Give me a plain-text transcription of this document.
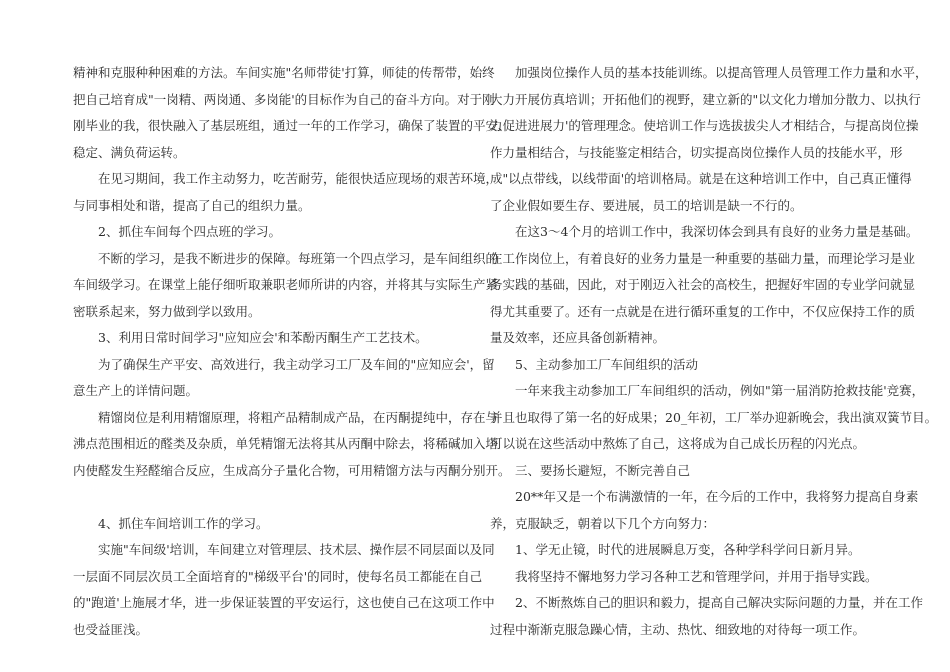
精神和克服种种困难的方法。车间实施"名师带徒'打算，师徒的传帮带，始终
把自己培育成"一岗精、两岗通、多岗能'的目标作为自己的奋斗方向。对于刚
刚毕业的我，很快融入了基层班组，通过一年的工作学习，确保了装置的平安、
稳定、满负荷运转。
　　在见习期间，我工作主动努力，吃苦耐劳，能很快适应现场的艰苦环境，
与同事相处和谐，提高了自己的组织力量。
　　2、抓住车间每个四点班的学习。
　　不断的学习，是我不断进步的保障。每班第一个四点学习，是车间组织的
车间级学习。在课堂上能仔细听取兼职老师所讲的内容，并将其与实际生产紧
密联系起来，努力做到学以致用。
　　3、利用日常时间学习"应知应会'和苯酚丙酮生产工艺技术。
　　为了确保生产平安、高效进行，我主动学习工厂及车间的"应知应会'，留
意生产上的详情问题。
　　精馏岗位是利用精馏原理，将粗产品精制成产品，在丙酮提纯中，存在与
沸点范围相近的醛类及杂质，单凭精馏无法将其从丙酮中除去，将稀碱加入塔
内使醛发生羟醛缩合反应，生成高分子量化合物，可用精馏方法与丙酮分别开。
　　4、抓住车间培训工作的学习。
　　实施"车间级'培训，车间建立对管理层、技术层、操作层不同层面以及同
一层面不同层次员工全面培育的"梯级平台'的同时，使每名员工都能在自己
的"跑道'上施展才华，进一步保证装置的平安运行，这也使自己在这项工作中
也受益匪浅。
　　加强岗位操作人员的基本技能训练。以提高管理人员管理工作力量和水平，
大力开展仿真培训；开拓他们的视野，建立新的"以文化力增加分散力、以执行
力促进进展力'的管理理念。使培训工作与选拔拔尖人才相结合，与提高岗位操
作力量相结合，与技能鉴定相结合，切实提高岗位操作人员的技能水平，形
成"以点带线，以线带面'的培训格局。就是在这种培训工作中，自己真正懂得
了企业假如要生存、要进展，员工的培训是缺一不行的。
　　在这3～4个月的培训工作中，我深切体会到具有良好的业务力量是基础。
在工作岗位上，有着良好的业务力量是一种重要的基础力量，而理论学习是业
务实践的基础，因此，对于刚迈入社会的高校生，把握好牢固的专业学问就显
得尤其重要了。还有一点就是在进行循环重复的工作中，不仅应保持工作的质
量及效率，还应具备创新精神。
　　5、主动参加工厂车间组织的活动
　　一年来我主动参加工厂车间组织的活动，例如"第一届消防抢救技能'竞赛，
并且也取得了第一名的好成果；20_年初，工厂举办迎新晚会，我出演双簧节目。
可以说在这些活动中熬炼了自己，这将成为自己成长历程的闪光点。
　　三、要扬长避短，不断完善自己
　　20**年又是一个布满激情的一年，在今后的工作中，我将努力提高自身素
养，克服缺乏，朝着以下几个方向努力：
　　1、学无止镜，时代的进展瞬息万变，各种学科学问日新月异。
　　我将坚持不懈地努力学习各种工艺和管理学问，并用于指导实践。
　　2、不断熬炼自己的胆识和毅力，提高自己解决实际问题的力量，并在工作
过程中渐渐克服急躁心情，主动、热忱、细致地的对待每一项工作。
